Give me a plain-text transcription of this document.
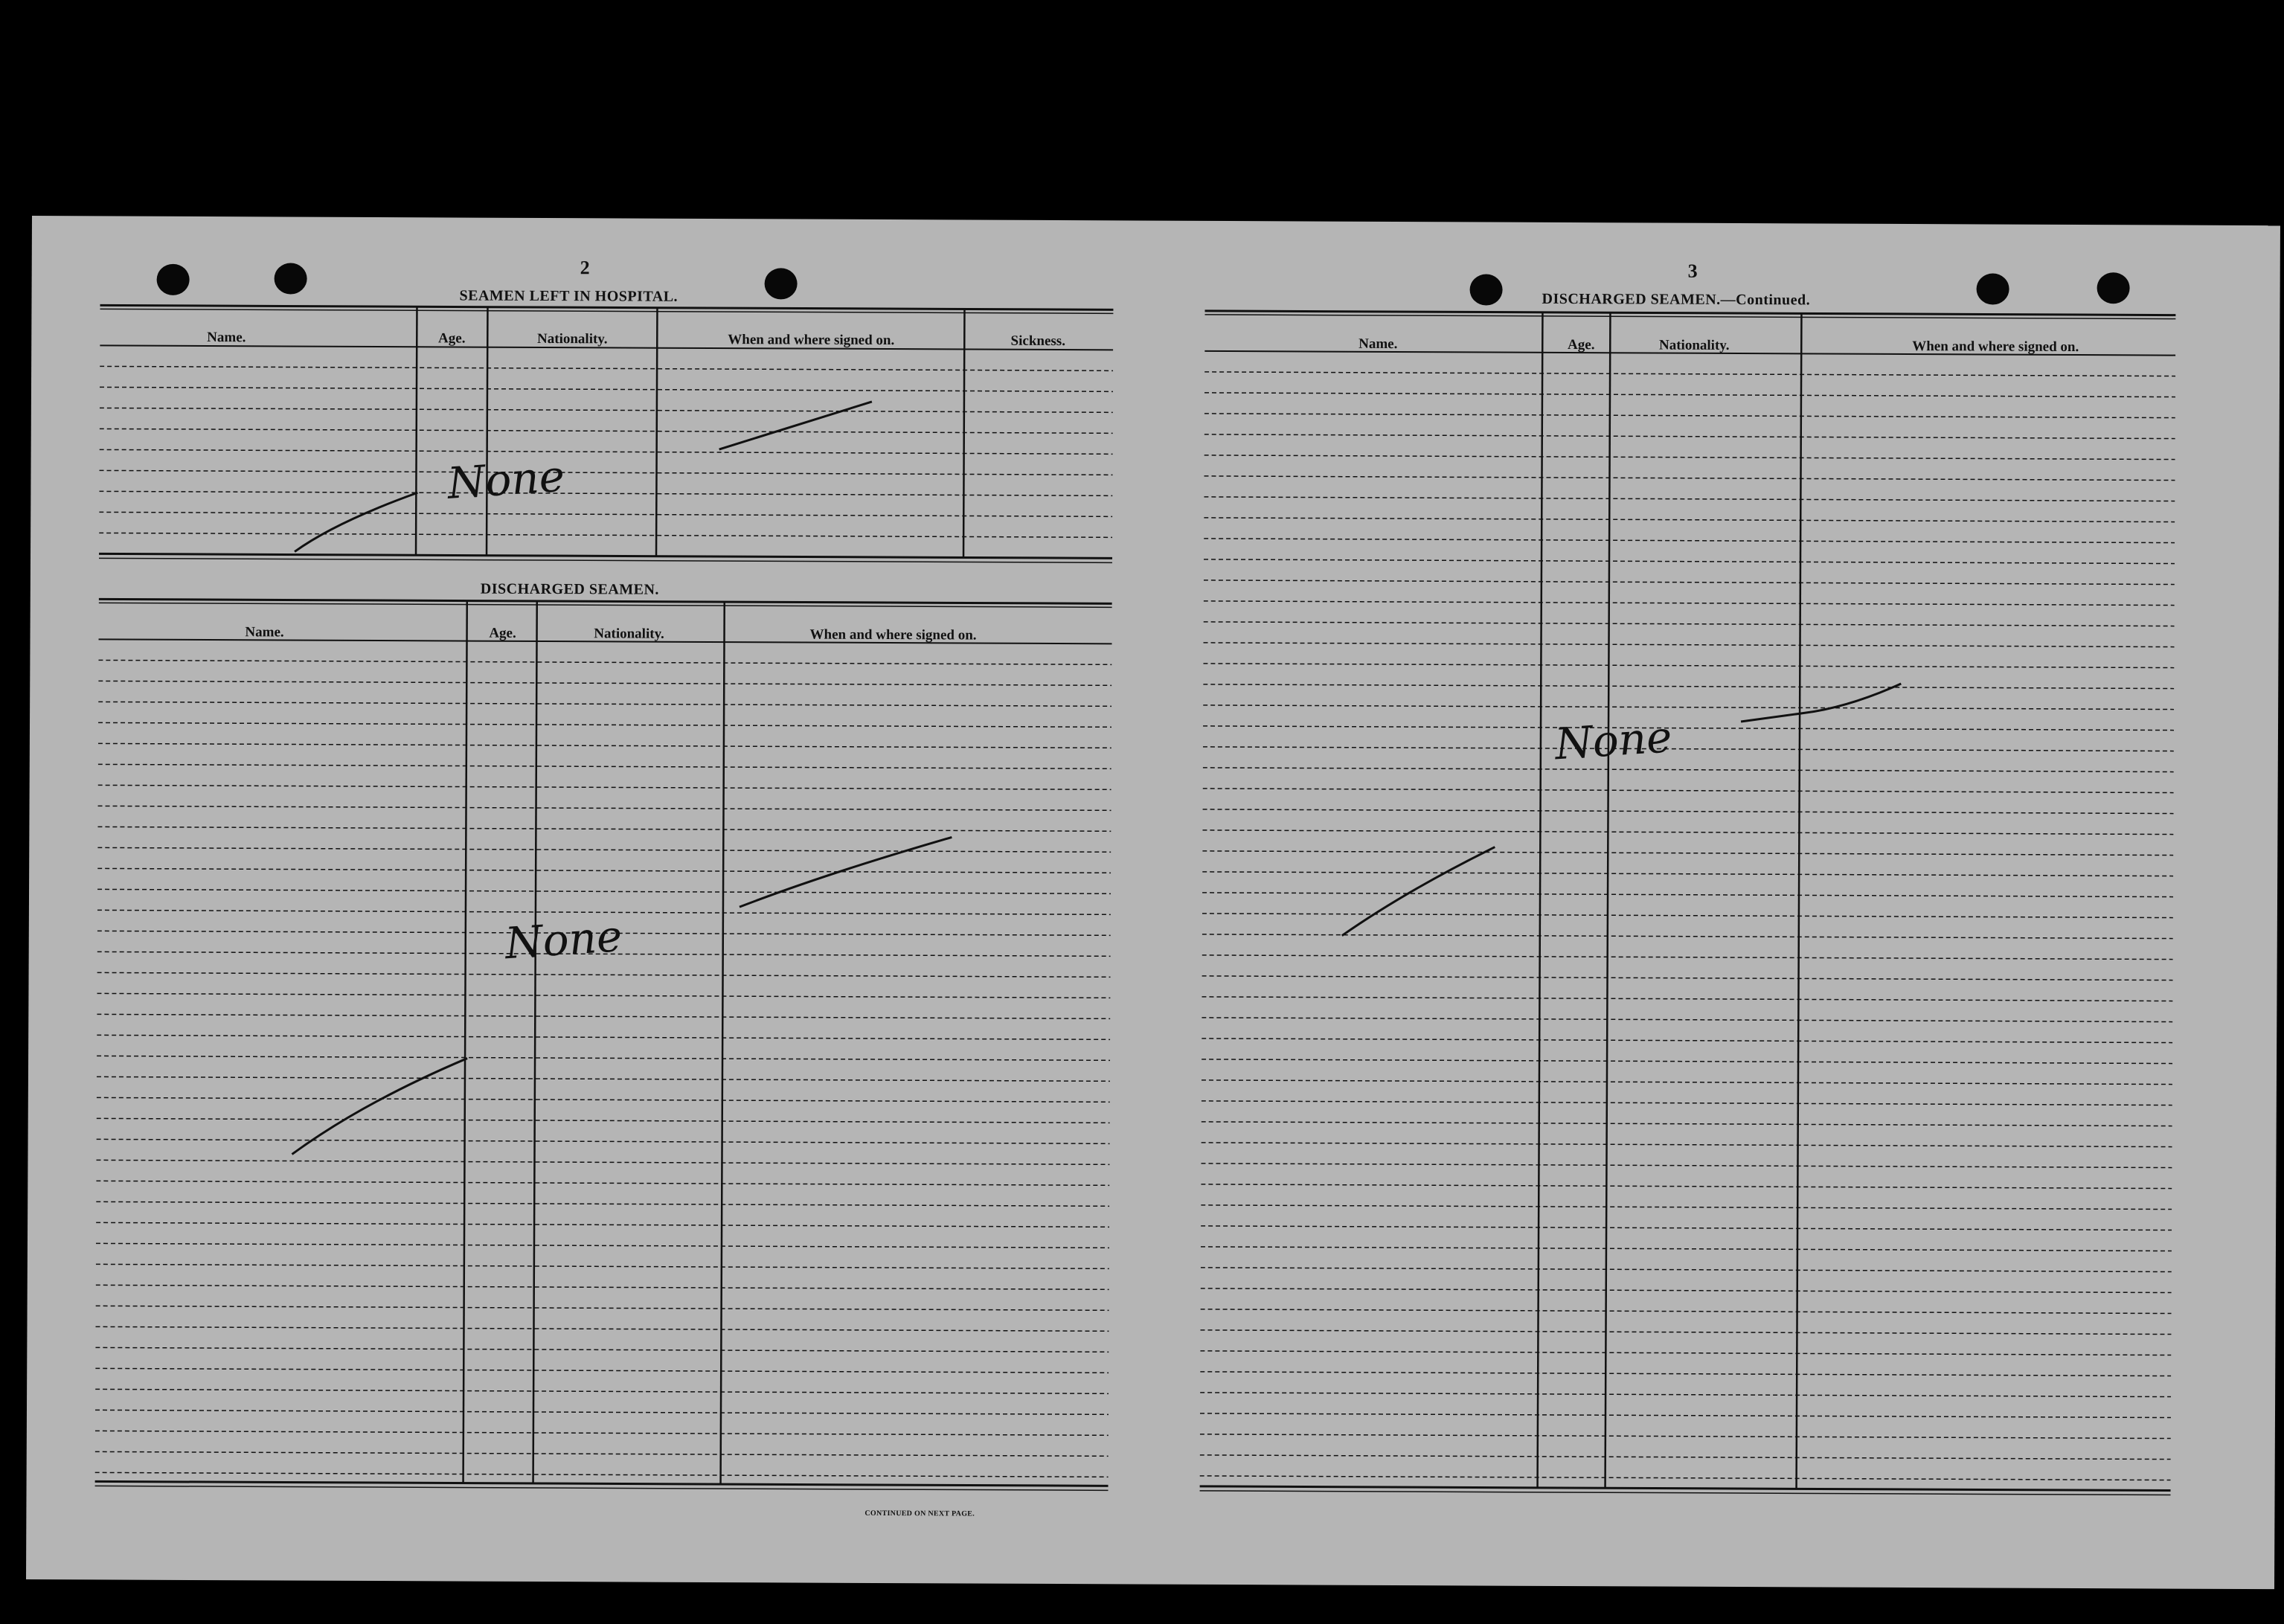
2
SEAMEN LEFT IN HOSPITAL.
3
DISCHARGED SEAMEN.—Continued.
Name.	Age.	Nationality.	When and where signed on.	Sickness.
None
DISCHARGED SEAMEN.
Name.	Age.	Nationality.	When and where signed on.
None
CONTINUED ON NEXT PAGE.
Name.	Age.	Nationality.	When and where signed on.
None
